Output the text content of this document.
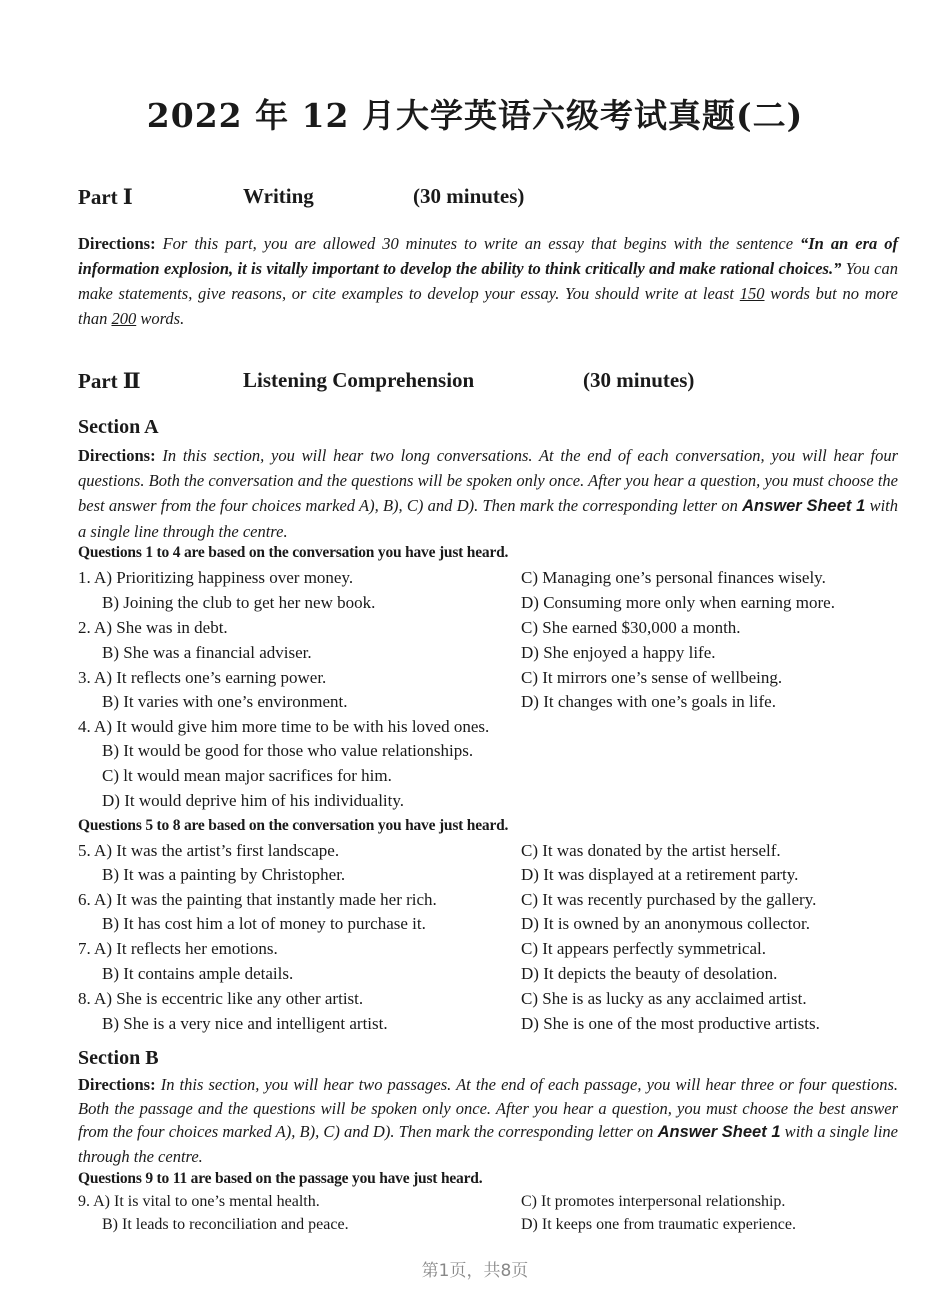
2022 年 12 月大学英语六级考试真题(二)
Part Ⅰ	Writing	(30 minutes)
Directions: For this part, you are allowed 30 minutes to write an essay that begins with the sentence “In an era of information explosion, it is vitally important to develop the ability to think critically and make rational choices.” You can make statements, give reasons, or cite examples to develop your essay. You should write at least 150 words but no more than 200 words.
Part Ⅱ	Listening Comprehension	(30 minutes)
Section A
Directions: In this section, you will hear two long conversations. At the end of each conversation, you will hear four questions. Both the conversation and the questions will be spoken only once. After you hear a question, you must choose the best answer from the four choices marked A), B), C) and D). Then mark the corresponding letter on Answer Sheet 1 with a single line through the centre.
Questions 1 to 4 are based on the conversation you have just heard.
1. A) Prioritizing happiness over money.	C) Managing one’s personal finances wisely.
B) Joining the club to get her new book.	D) Consuming more only when earning more.
2. A) She was in debt.	C) She earned $30,000 a month.
B) She was a financial adviser.	D) She enjoyed a happy life.
3. A) It reflects one’s earning power.	C) It mirrors one’s sense of wellbeing.
B) It varies with one’s environment.	D) It changes with one’s goals in life.
4. A) It would give him more time to be with his loved ones.
B) It would be good for those who value relationships.
C) lt would mean major sacrifices for him.
D) It would deprive him of his individuality.
Questions 5 to 8 are based on the conversation you have just heard.
5. A) It was the artist’s first landscape.	C) It was donated by the artist herself.
B) It was a painting by Christopher.	D) It was displayed at a retirement party.
6. A) It was the painting that instantly made her rich.	C) It was recently purchased by the gallery.
B) It has cost him a lot of money to purchase it.	D) It is owned by an anonymous collector.
7. A) It reflects her emotions.	C) It appears perfectly symmetrical.
B) It contains ample details.	D) It depicts the beauty of desolation.
8. A) She is eccentric like any other artist.	C) She is as lucky as any acclaimed artist.
B) She is a very nice and intelligent artist.	D) She is one of the most productive artists.
Section B
Directions: In this section, you will hear two passages. At the end of each passage, you will hear three or four questions. Both the passage and the questions will be spoken only once. After you hear a question, you must choose the best answer from the four choices marked A), B), C) and D). Then mark the corresponding letter on Answer Sheet 1 with a single line through the centre.
Questions 9 to 11 are based on the passage you have just heard.
9. A) It is vital to one’s mental health.	C) It promotes interpersonal relationship.
B) It leads to reconciliation and peace.	D) It keeps one from traumatic experience.
第1页，共8页
